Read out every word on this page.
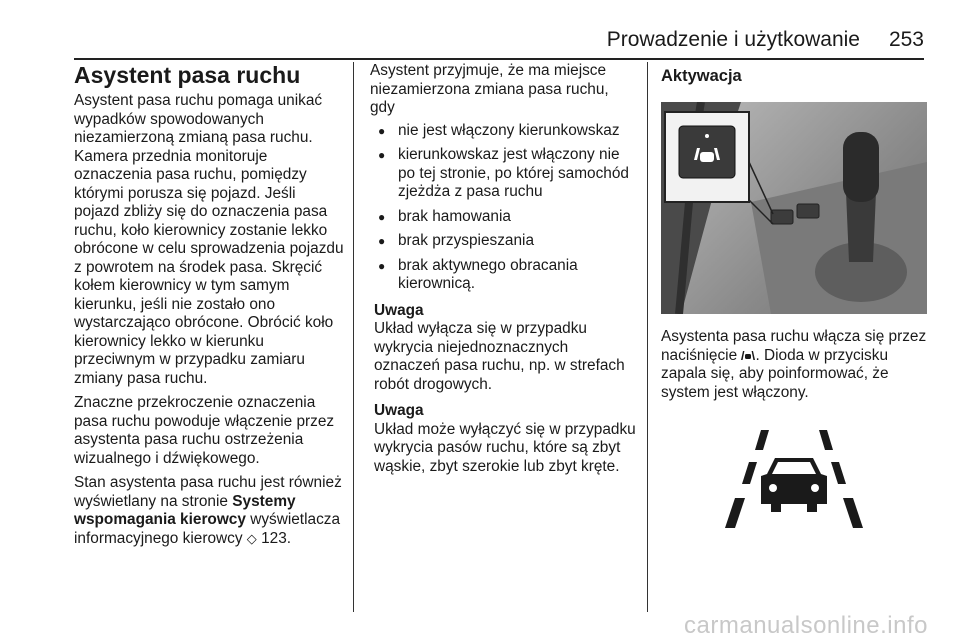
Prowadzenie i użytkowanie 253
Asystent pasa ruchu

Asystent pasa ruchu pomaga unikać wypadków spowodowanych niezamierzoną zmianą pasa ruchu. Kamera przednia monitoruje oznaczenia pasa ruchu, pomiędzy którymi porusza się pojazd. Jeśli pojazd zbliży się do oznaczenia pasa ruchu, koło kierownicy zostanie lekko obrócone w celu sprowadzenia pojazdu z powrotem na środek pasa. Skręcić kołem kierownicy w tym samym kierunku, jeśli nie zostało ono wystarczająco obrócone. Obrócić koło kierownicy lekko w kierunku przeciwnym w przypadku zamiaru zmiany pasa ruchu.

Znaczne przekroczenie oznaczenia pasa ruchu powoduje włączenie przez asystenta pasa ruchu ostrzeżenia wizualnego i dźwiękowego.

Stan asystenta pasa ruchu jest również wyświetlany na stronie Systemy wspomagania kierowcy wyświetlacza informacyjnego kierowcy ◇ 123.

Asystent przyjmuje, że ma miejsce niezamierzona zmiana pasa ruchu, gdy

● nie jest włączony kierunkowskaz
● kierunkowskaz jest włączony nie po tej stronie, po której samochód zjeżdża z pasa ruchu
● brak hamowania
● brak przyspieszania
● brak aktywnego obracania kierownicą.
Uwaga
Układ wyłącza się w przypadku wykrycia niejednoznacznych oznaczeń pasa ruchu, np. w strefach robót drogowych.
Uwaga
Układ może wyłączyć się w przypadku wykrycia pasów ruchu, które są zbyt wąskie, zbyt szerokie lub zbyt kręte.
Aktywacja

Asystenta pasa ruchu włącza się przez naciśnięcie . Dioda w przycisku zapala się, aby poinformować, że system jest włączony.

carmanualsonline.info
